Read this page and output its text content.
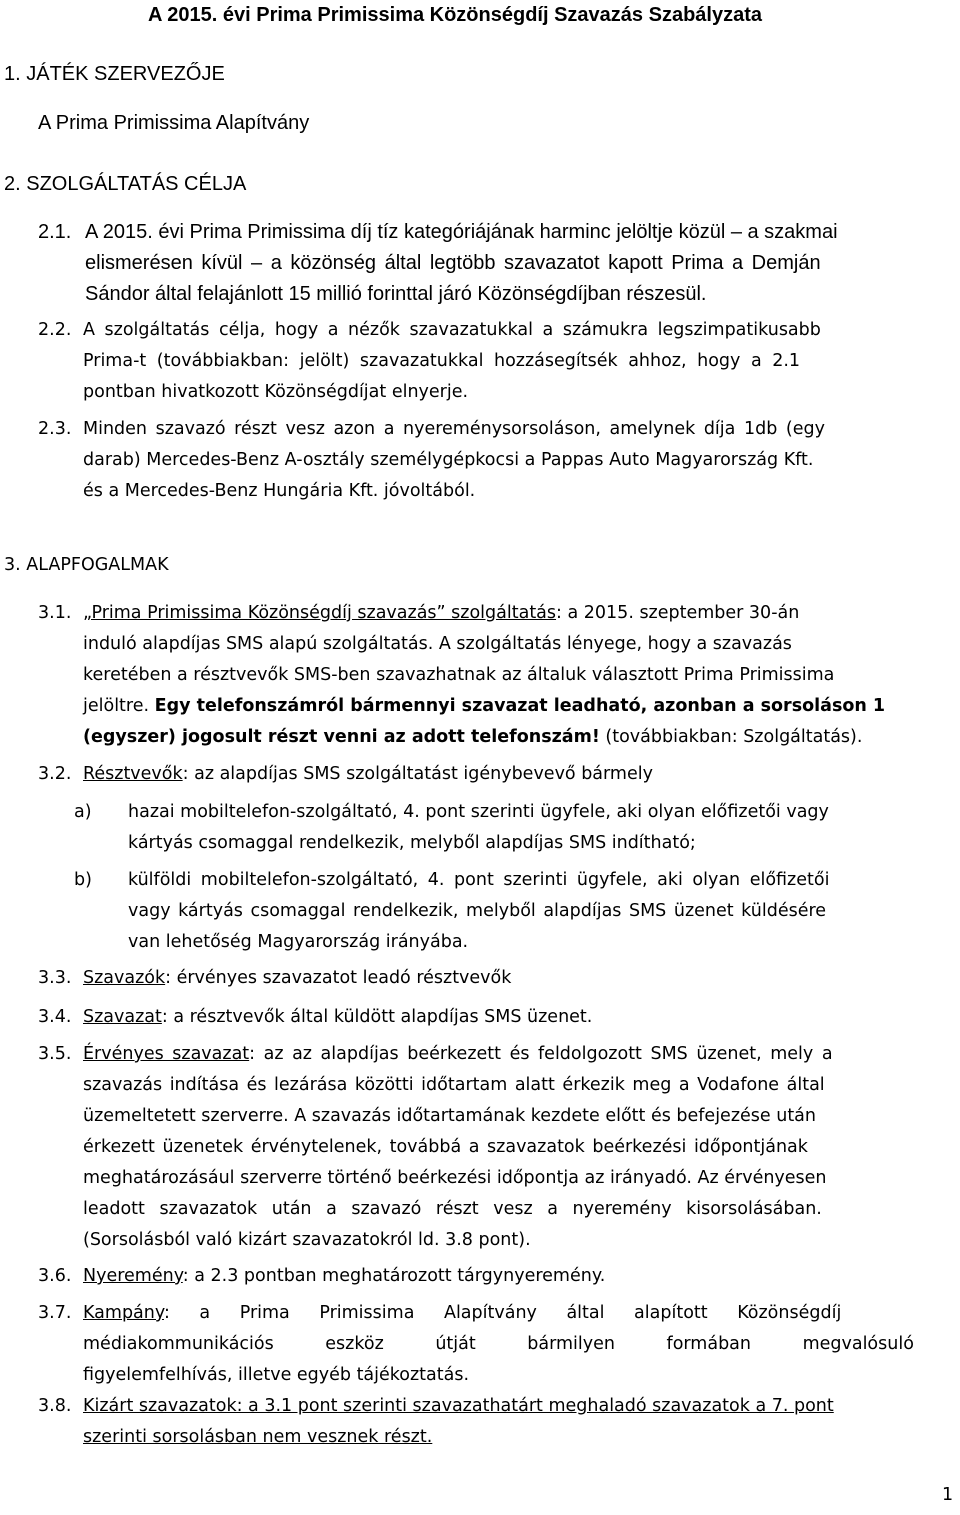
A 2015. évi Prima Primissima Közönségdíj Szavazás Szabályzata
1. JÁTÉK SZERVEZŐJE
A Prima Primissima Alapítvány
2. SZOLGÁLTATÁS CÉLJA
2.1. A 2015. évi Prima Primissima díj tíz kategóriájának harminc jelöltje közül – a szakmai
elismerésen kívül – a közönség által legtöbb szavazatot kapott Prima a Demján
Sándor által felajánlott 15 millió forinttal járó Közönségdíjban részesül.
2.2. A szolgáltatás célja, hogy a nézők szavazatukkal a számukra legszimpatikusabb
Prima-t (továbbiakban: jelölt) szavazatukkal hozzásegítsék ahhoz, hogy a 2.1
pontban hivatkozott Közönségdíjat elnyerje.
2.3. Minden szavazó részt vesz azon a nyereménysorsoláson, amelynek díja 1db (egy
darab) Mercedes-Benz A-osztály személygépkocsi a Pappas Auto Magyarország Kft.
és a Mercedes-Benz Hungária Kft. jóvoltából.
3. ALAPFOGALMAK
3.1. „Prima Primissima Közönségdíj szavazás” szolgáltatás: a 2015. szeptember 30-án
induló alapdíjas SMS alapú szolgáltatás. A szolgáltatás lényege, hogy a szavazás
keretében a résztvevők SMS-ben szavazhatnak az általuk választott Prima Primissima
jelöltre. Egy telefonszámról bármennyi szavazat leadható, azonban a sorsoláson 1
(egyszer) jogosult részt venni az adott telefonszám! (továbbiakban: Szolgáltatás).
3.2. Résztvevők: az alapdíjas SMS szolgáltatást igénybevevő bármely
a) hazai mobiltelefon-szolgáltató, 4. pont szerinti ügyfele, aki olyan előfizetői vagy
kártyás csomaggal rendelkezik, melyből alapdíjas SMS indítható;
b) külföldi mobiltelefon-szolgáltató, 4. pont szerinti ügyfele, aki olyan előfizetői
vagy kártyás csomaggal rendelkezik, melyből alapdíjas SMS üzenet küldésére
van lehetőség Magyarország irányába.
3.3. Szavazók: érvényes szavazatot leadó résztvevők
3.4. Szavazat: a résztvevők által küldött alapdíjas SMS üzenet.
3.5. Érvényes szavazat: az az alapdíjas beérkezett és feldolgozott SMS üzenet, mely a
szavazás indítása és lezárása közötti időtartam alatt érkezik meg a Vodafone által
üzemeltetett szerverre. A szavazás időtartamának kezdete előtt és befejezése után
érkezett üzenetek érvénytelenek, továbbá a szavazatok beérkezési időpontjának
meghatározásául szerverre történő beérkezési időpontja az irányadó. Az érvényesen
leadott szavazatok után a szavazó részt vesz a nyeremény kisorsolásában.
(Sorsolásból való kizárt szavazatokról ld. 3.8 pont).
3.6. Nyeremény: a 2.3 pontban meghatározott tárgynyeremény.
3.7. Kampány: a Prima Primissima Alapítvány által alapított Közönségdíj
médiakommunikációs eszköz útját bármilyen formában megvalósuló
figyelemfelhívás, illetve egyéb tájékoztatás.
3.8. Kizárt szavazatok: a 3.1 pont szerinti szavazathatárt meghaladó szavazatok a 7. pont
szerinti sorsolásban nem vesznek részt.
1
